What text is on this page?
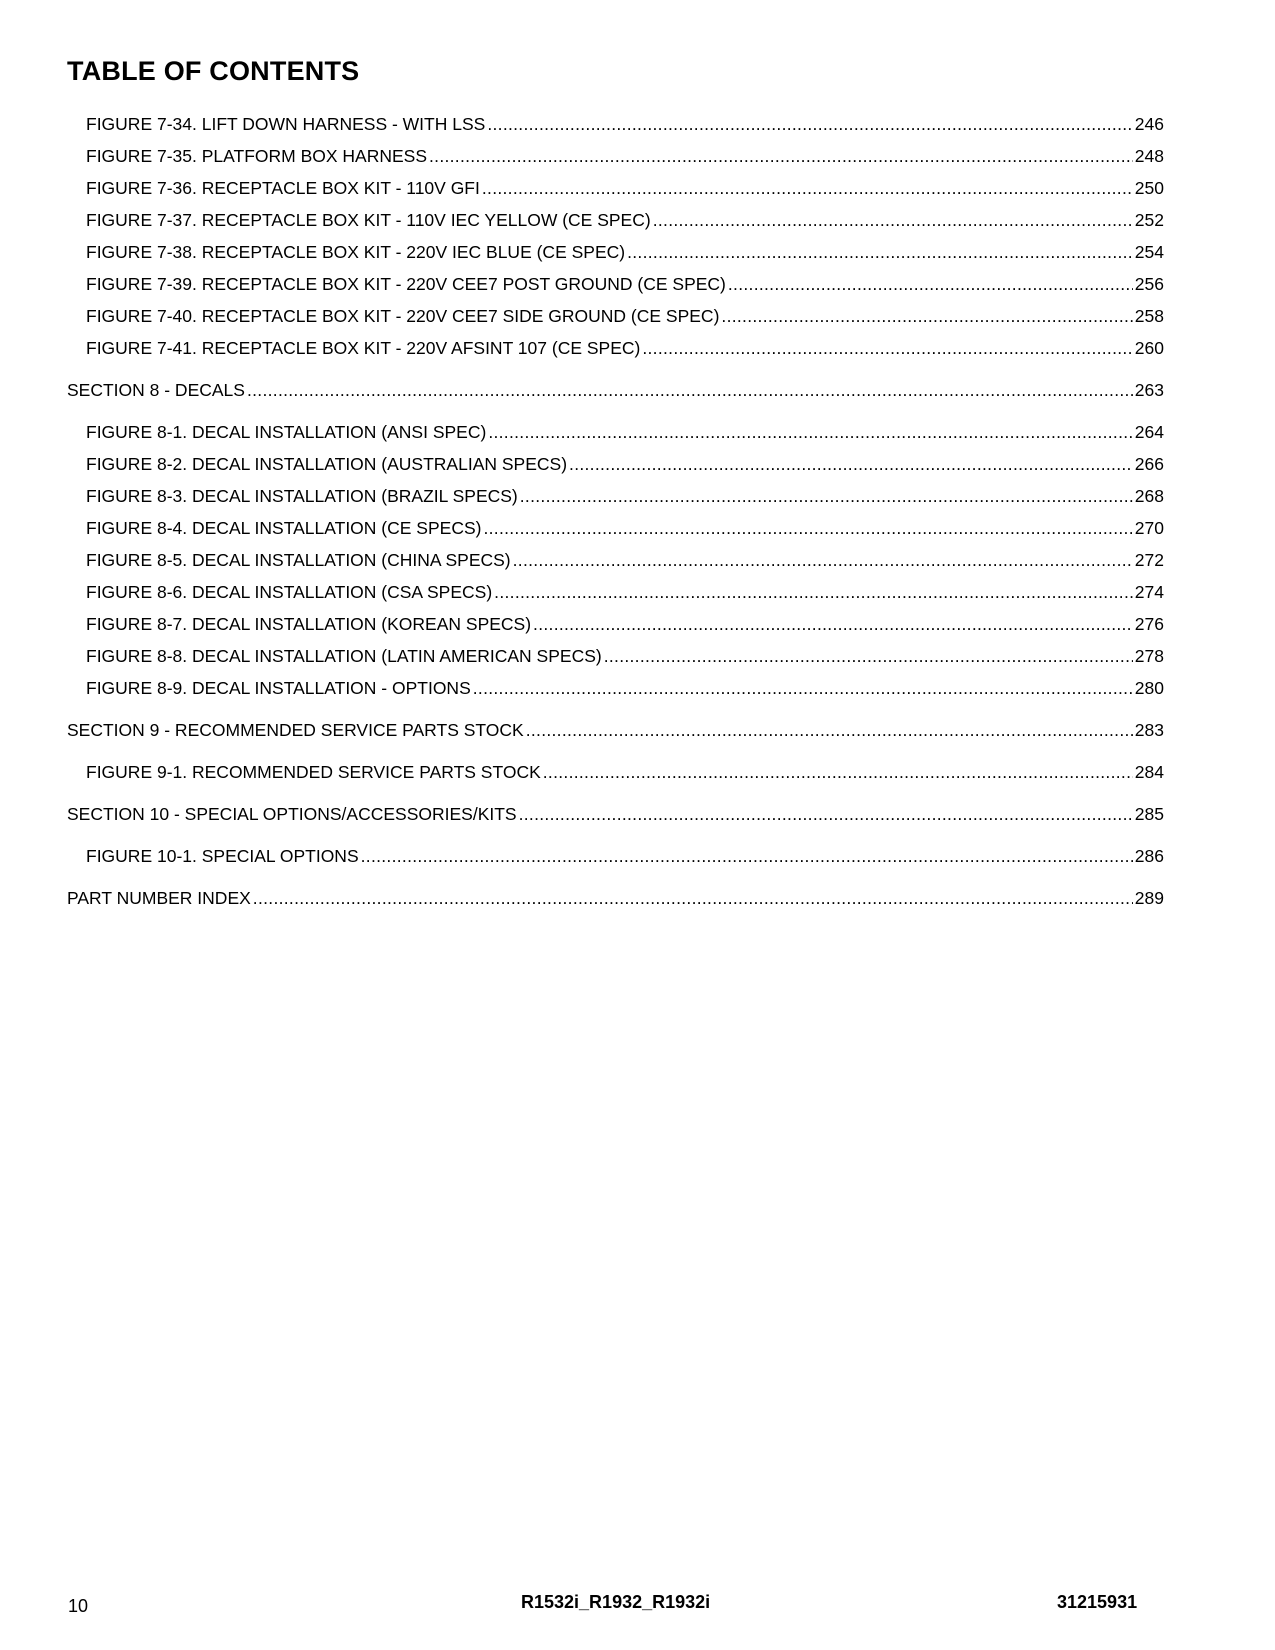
TABLE OF CONTENTS
FIGURE 7-34. LIFT DOWN HARNESS - WITH LSS .....	246
FIGURE 7-35. PLATFORM BOX HARNESS .....	248
FIGURE 7-36. RECEPTACLE BOX KIT - 110V GFI .....	250
FIGURE 7-37. RECEPTACLE BOX KIT - 110V IEC YELLOW (CE SPEC) .....	252
FIGURE 7-38. RECEPTACLE BOX KIT - 220V IEC BLUE (CE SPEC) .....	254
FIGURE 7-39. RECEPTACLE BOX KIT - 220V CEE7 POST GROUND (CE SPEC) .....	256
FIGURE 7-40. RECEPTACLE BOX KIT - 220V CEE7 SIDE GROUND (CE SPEC) .....	258
FIGURE 7-41. RECEPTACLE BOX KIT - 220V AFSINT 107 (CE SPEC) .....	260
SECTION 8 - DECALS .....	263
FIGURE 8-1. DECAL INSTALLATION (ANSI SPEC) .....	264
FIGURE 8-2. DECAL INSTALLATION (AUSTRALIAN SPECS) .....	266
FIGURE 8-3. DECAL INSTALLATION (BRAZIL SPECS) .....	268
FIGURE 8-4. DECAL INSTALLATION (CE SPECS) .....	270
FIGURE 8-5. DECAL INSTALLATION (CHINA SPECS) .....	272
FIGURE 8-6. DECAL INSTALLATION (CSA SPECS) .....	274
FIGURE 8-7. DECAL INSTALLATION (KOREAN SPECS) .....	276
FIGURE 8-8. DECAL INSTALLATION (LATIN AMERICAN SPECS) .....	278
FIGURE 8-9. DECAL INSTALLATION - OPTIONS .....	280
SECTION 9 - RECOMMENDED SERVICE PARTS STOCK .....	283
FIGURE 9-1. RECOMMENDED SERVICE PARTS STOCK .....	284
SECTION 10 - SPECIAL OPTIONS/ACCESSORIES/KITS .....	285
FIGURE 10-1. SPECIAL OPTIONS .....	286
PART NUMBER INDEX .....	289
10	R1532i_R1932_R1932i	31215931
